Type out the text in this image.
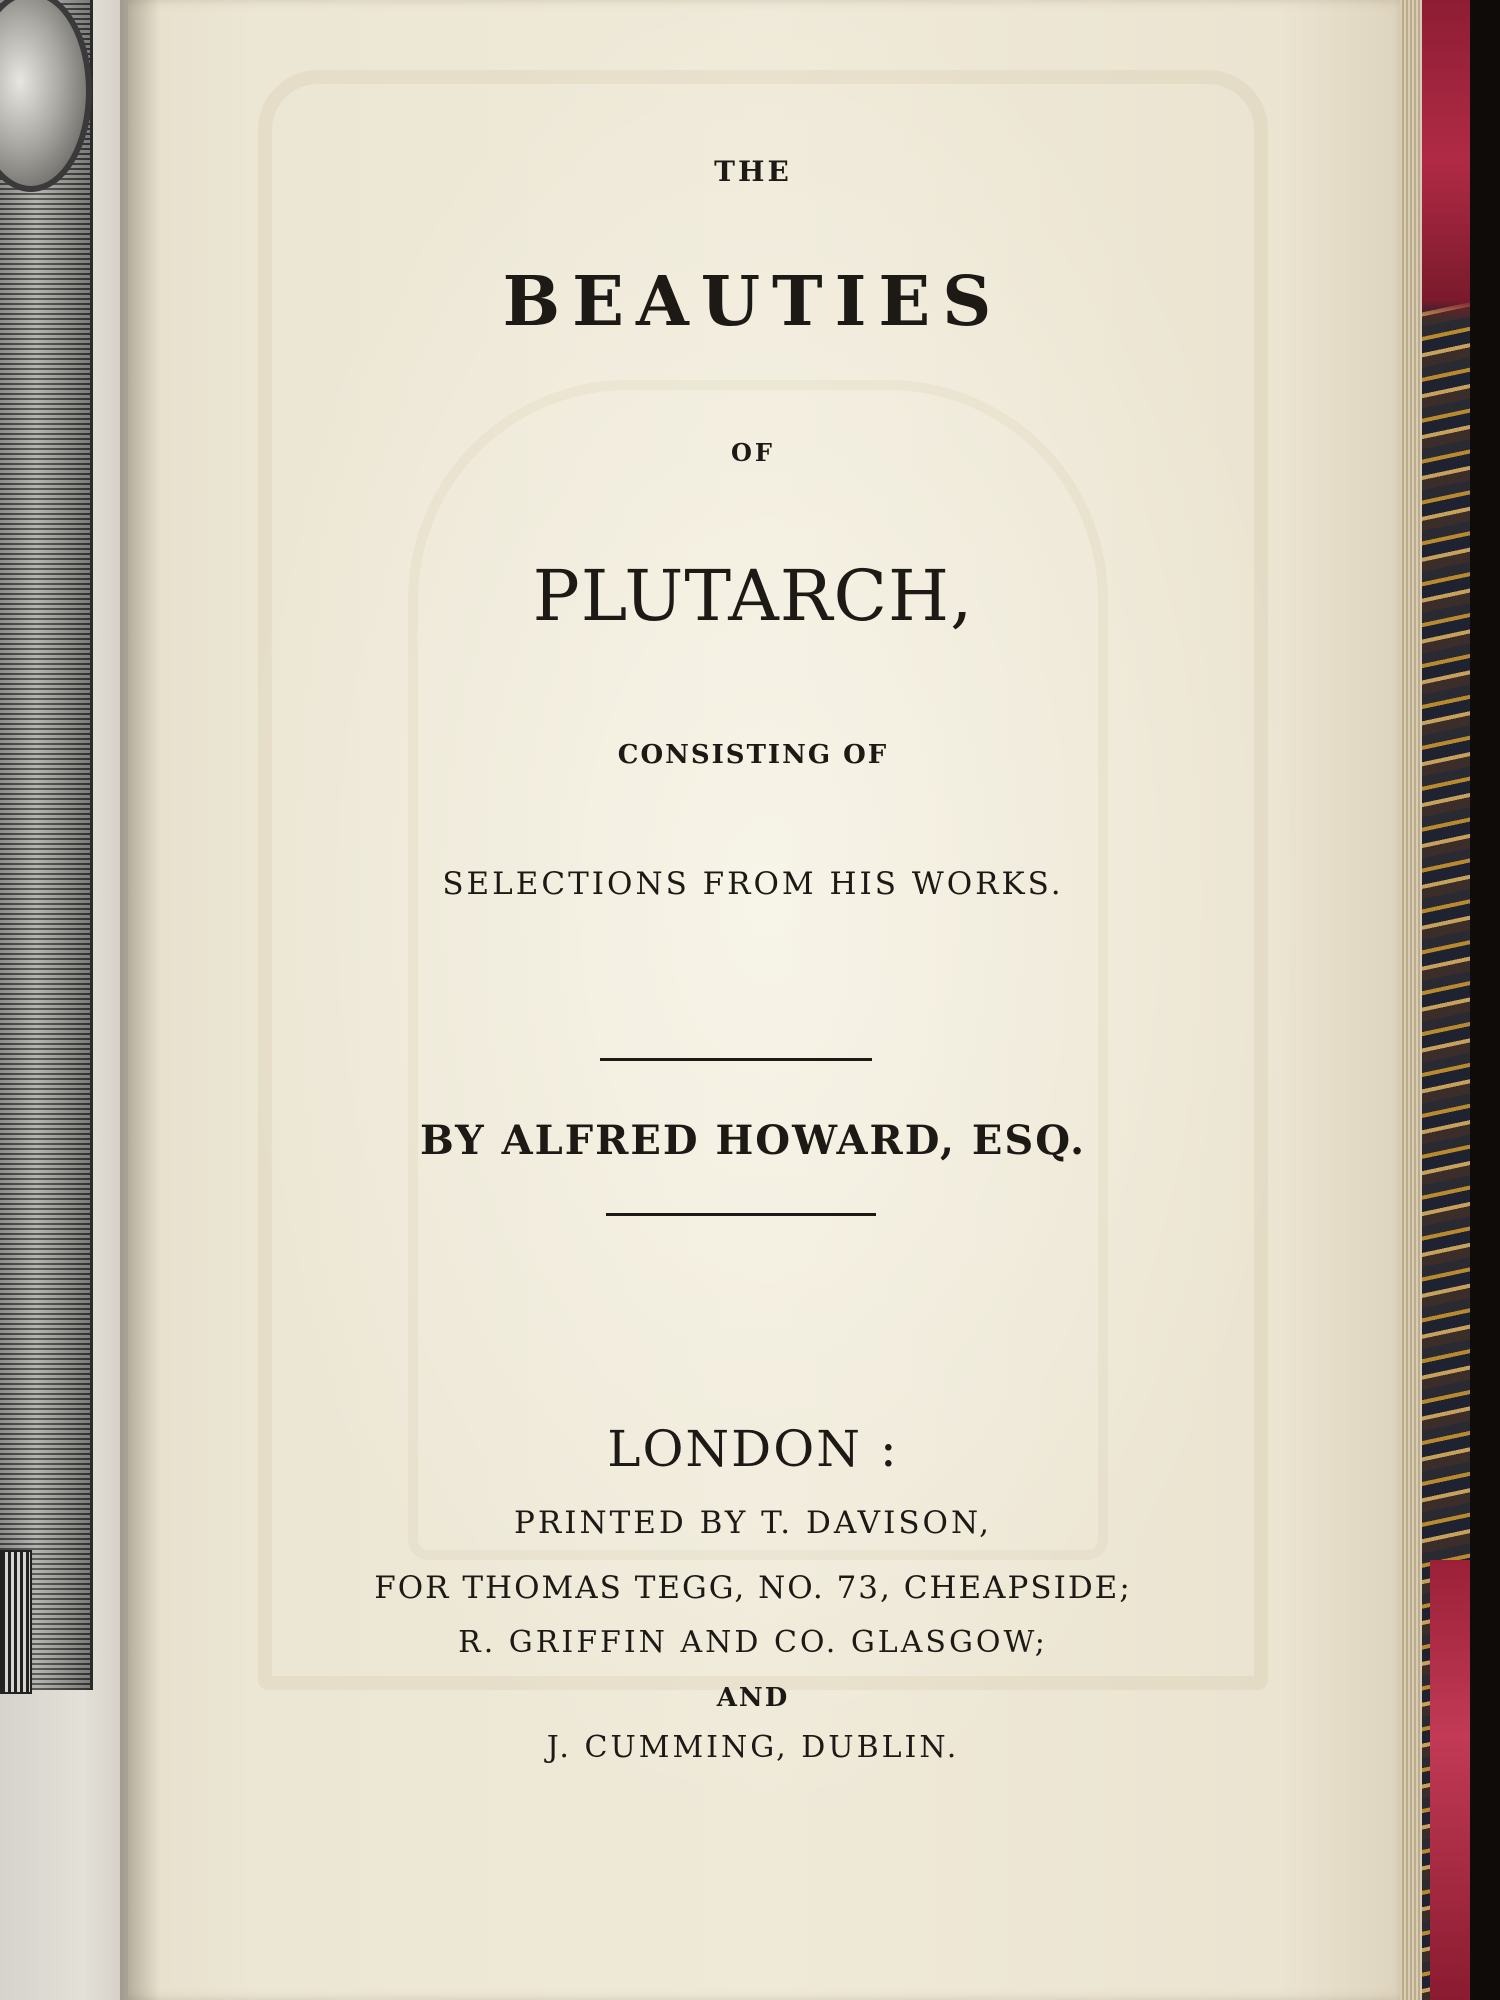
THE
BEAUTIES
OF
PLUTARCH,
CONSISTING OF
SELECTIONS FROM HIS WORKS.
BY ALFRED HOWARD, ESQ.
LONDON :
PRINTED BY T. DAVISON,
FOR THOMAS TEGG, NO. 73, CHEAPSIDE;
R. GRIFFIN AND CO. GLASGOW;
AND
J. CUMMING, DUBLIN.
